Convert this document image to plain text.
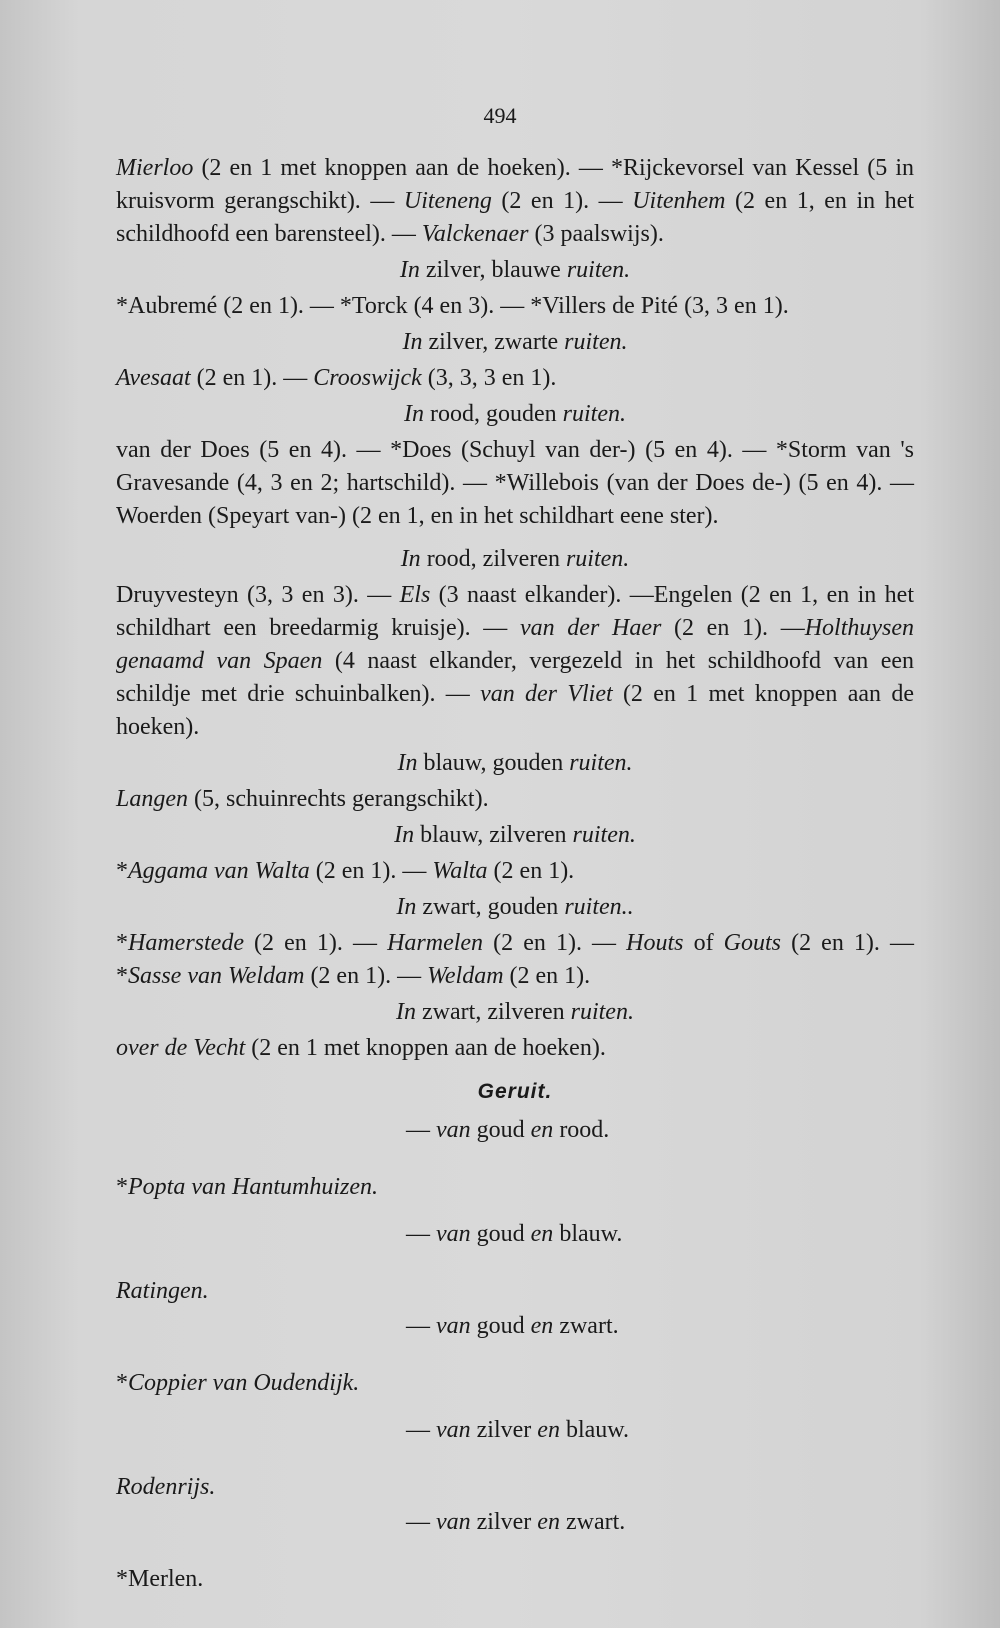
494

Mierloo (2 en 1 met knoppen aan de hoeken). — *Rijckevorsel van Kessel (5 in kruisvorm gerangschikt). — Uiteneng (2 en 1). — Uitenhem (2 en 1, en in het schildhoofd een barensteel). — Valckenaer (3 paalswijs).

In zilver, blauwe ruiten.

*Aubremé (2 en 1). — *Torck (4 en 3). — *Villers de Pité (3, 3 en 1).

In zilver, zwarte ruiten.

Avesaat (2 en 1). — Crooswijck (3, 3, 3 en 1).

In rood, gouden ruiten.

van der Does (5 en 4). — *Does (Schuyl van der-) (5 en 4). — *Storm van 's Gravesande (4, 3 en 2; hartschild). — *Willebois (van der Does de-) (5 en 4). — Woerden (Speyart van-) (2 en 1, en in het schildhart eene ster).

In rood, zilveren ruiten.

Druyvesteyn (3, 3 en 3). — Els (3 naast elkander). —Engelen (2 en 1, en in het schildhart een breedarmig kruisje). — van der Haer (2 en 1). —Holthuysen genaamd van Spaen (4 naast elkander, vergezeld in het schildhoofd van een schildje met drie schuinbalken). — van der Vliet (2 en 1 met knoppen aan de hoeken).

In blauw, gouden ruiten.

Langen (5, schuinrechts gerangschikt).

In blauw, zilveren ruiten.

*Aggama van Walta (2 en 1). — Walta (2 en 1).

In zwart, gouden ruiten..

*Hamerstede (2 en 1). — Harmelen (2 en 1). — Houts of Gouts (2 en 1). — *Sasse van Weldam (2 en 1). — Weldam (2 en 1).

In zwart, zilveren ruiten.

over de Vecht (2 en 1 met knoppen aan de hoeken).

Geruit.

— van goud en rood.

*Popta van Hantumhuizen.

— van goud en blauw.

Ratingen.

— van goud en zwart.

*Coppier van Oudendijk.

— van zilver en blauw.

Rodenrijs.

— van zilver en zwart.

*Merlen.
